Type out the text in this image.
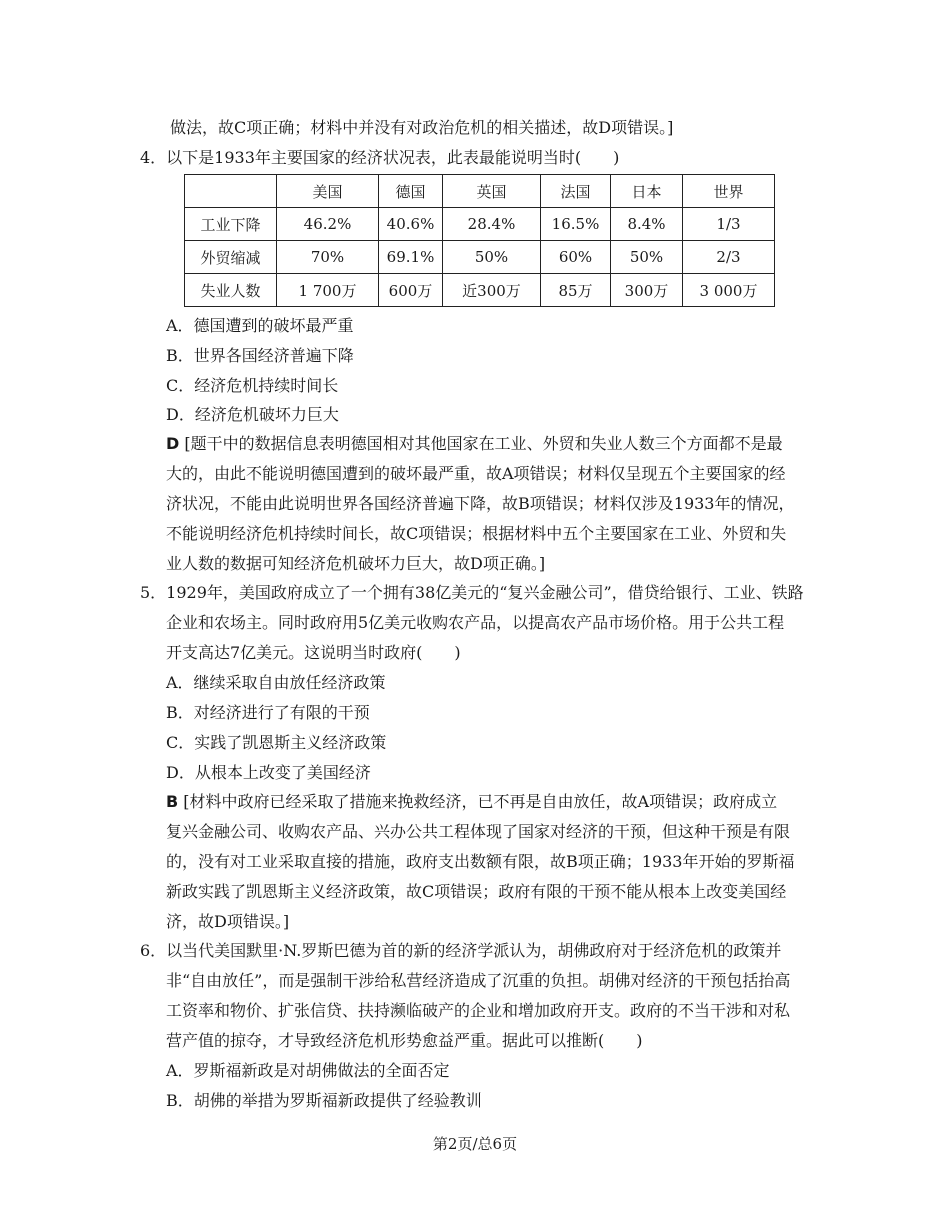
做法，故C项正确；材料中并没有对政治危机的相关描述，故D项错误。]
4．以下是1933年主要国家的经济状况表，此表最能说明当时(　　)
A．德国遭到的破坏最严重
B．世界各国经济普遍下降
C．经济危机持续时间长
D．经济危机破坏力巨大
D [题干中的数据信息表明德国相对其他国家在工业、外贸和失业人数三个方面都不是最
大的，由此不能说明德国遭到的破坏最严重，故A项错误；材料仅呈现五个主要国家的经
济状况，不能由此说明世界各国经济普遍下降，故B项错误；材料仅涉及1933年的情况，
不能说明经济危机持续时间长，故C项错误；根据材料中五个主要国家在工业、外贸和失
业人数的数据可知经济危机破坏力巨大，故D项正确。]
5．1929年，美国政府成立了一个拥有38亿美元的“复兴金融公司”，借贷给银行、工业、铁路
企业和农场主。同时政府用5亿美元收购农产品，以提高农产品市场价格。用于公共工程
开支高达7亿美元。这说明当时政府(　　)
A．继续采取自由放任经济政策
B．对经济进行了有限的干预
C．实践了凯恩斯主义经济政策
D．从根本上改变了美国经济
B [材料中政府已经采取了措施来挽救经济，已不再是自由放任，故A项错误；政府成立
复兴金融公司、收购农产品、兴办公共工程体现了国家对经济的干预，但这种干预是有限
的，没有对工业采取直接的措施，政府支出数额有限，故B项正确；1933年开始的罗斯福
新政实践了凯恩斯主义经济政策，故C项错误；政府有限的干预不能从根本上改变美国经
济，故D项错误。]
6．以当代美国默里·N.罗斯巴德为首的新的经济学派认为，胡佛政府对于经济危机的政策并
非“自由放任”，而是强制干涉给私营经济造成了沉重的负担。胡佛对经济的干预包括抬高
工资率和物价、扩张信贷、扶持濒临破产的企业和增加政府开支。政府的不当干涉和对私
营产值的掠夺，才导致经济危机形势愈益严重。据此可以推断(　　)
A．罗斯福新政是对胡佛做法的全面否定
B．胡佛的举措为罗斯福新政提供了经验教训
	美国	德国	英国	法国	日本	世界
工业下降	46.2%	40.6%	28.4%	16.5%	8.4%	1/3
外贸缩减	70%	69.1%	50%	60%	50%	2/3
失业人数	1 700万	600万	近300万	85万	300万	3 000万
第2页/总6页
